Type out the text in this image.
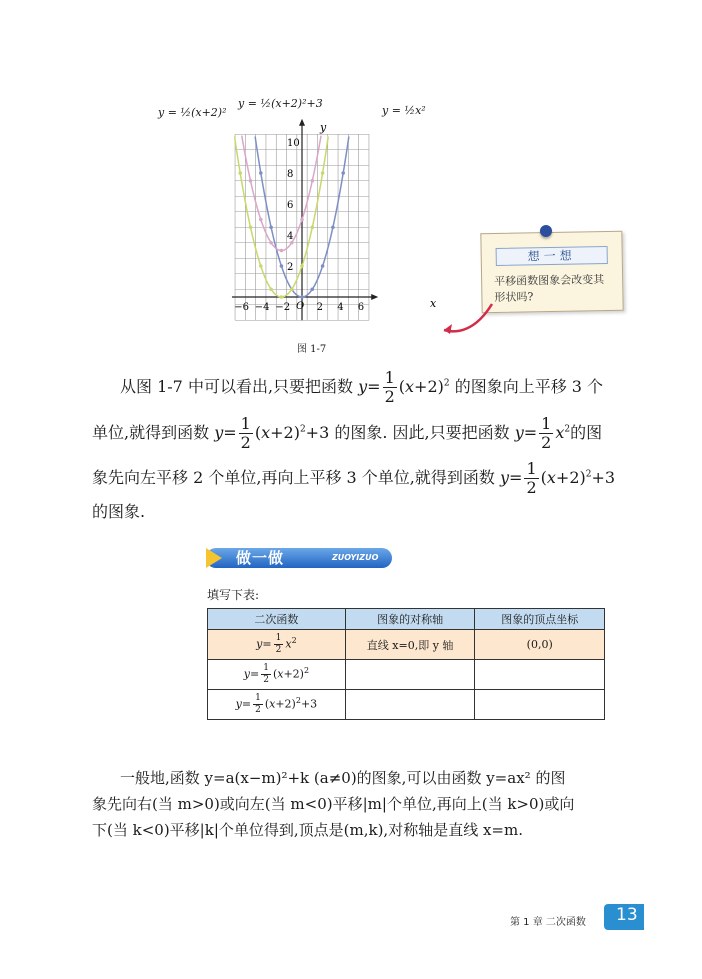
−6 −4 −2	2 4 6
10
8
6
4
2
x
y
O
y = ½(x+2)²
y = ½(x+2)²+3
y = ½x²
图 1-7
想一想
平移函数图象会改变其形状吗?
从图 1-7 中可以看出,只要把函数 $y= \frac{1}{2} (x+2)^2$ 的图象向上平移 3 个
单位,就得到函数 $y= \frac{1}{2} (x+2)^2+3$ 的图象. 因此,只要把函数 $y= \frac{1}{2} x^2$的图
象先向左平移 2 个单位,再向上平移 3 个单位,就得到函数 $y= \frac{1}{2} (x+2)^2+3$
的图象.
做一做	ZUOYIZUO
填写下表:
二次函数	图象的对称轴	图象的顶点坐标
$y= \frac{1}{2} x^2$	直线 x=0,即 y 轴	(0,0)
$y= \frac{1}{2} (x+2)^2$		
$y= \frac{1}{2} (x+2)^2+3$		
一般地,函数 y=a(x−m)²+k (a≠0)的图象,可以由函数 y=ax² 的图
象先向右(当 m>0)或向左(当 m<0)平移|m|个单位,再向上(当 k>0)或向
下(当 k<0)平移|k|个单位得到,顶点是(m,k),对称轴是直线 x=m.
第 1 章 二次函数 13
